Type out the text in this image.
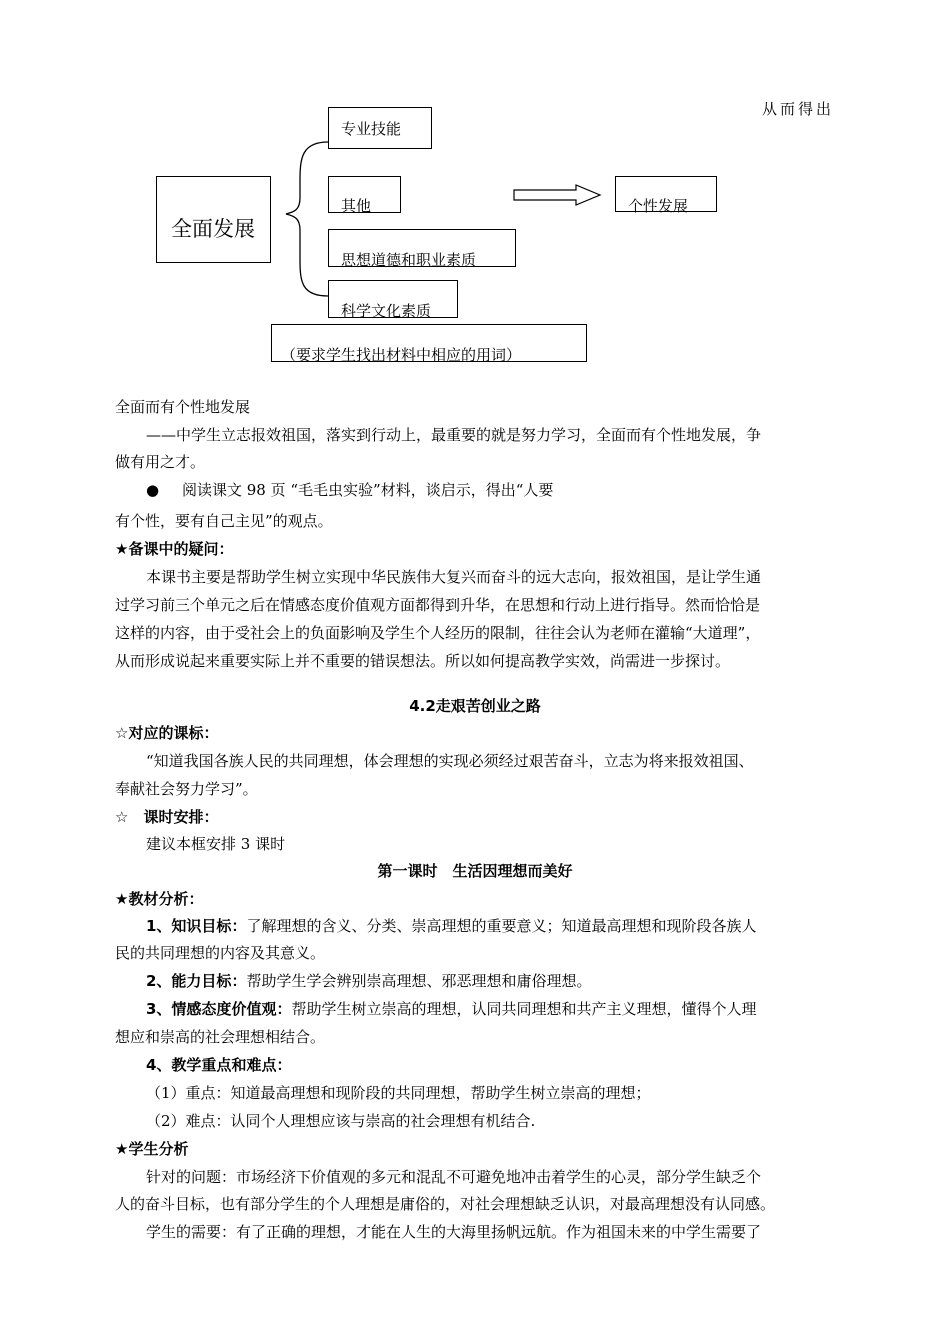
从而得出
全面发展
专业技能
其他
思想道德和职业素质
科学文化素质
个性发展
（要求学生找出材料中相应的用词）
全面而有个性地发展
——中学生立志报效祖国，落实到行动上，最重要的就是努力学习，全面而有个性地发展，争
做有用之才。
● 阅读课文 98 页 “毛毛虫实验”材料，谈启示，得出“人要
有个性，要有自己主见”的观点。
★备课中的疑问：
本课书主要是帮助学生树立实现中华民族伟大复兴而奋斗的远大志向，报效祖国，是让学生通
过学习前三个单元之后在情感态度价值观方面都得到升华，在思想和行动上进行指导。然而恰恰是
这样的内容，由于受社会上的负面影响及学生个人经历的限制，往往会认为老师在灌输“大道理”，
从而形成说起来重要实际上并不重要的错误想法。所以如何提高教学实效，尚需进一步探讨。
4.2走艰苦创业之路
☆对应的课标：
“知道我国各族人民的共同理想，体会理想的实现必须经过艰苦奋斗，立志为将来报效祖国、
奉献社会努力学习”。
☆　课时安排：
建议本框安排 3 课时
第一课时　生活因理想而美好
★教材分析：
1、知识目标：了解理想的含义、分类、崇高理想的重要意义；知道最高理想和现阶段各族人
民的共同理想的内容及其意义。
2、能力目标：帮助学生学会辨别崇高理想、邪恶理想和庸俗理想。
3、情感态度价值观：帮助学生树立崇高的理想，认同共同理想和共产主义理想，懂得个人理
想应和崇高的社会理想相结合。
4、教学重点和难点：
（1）重点：知道最高理想和现阶段的共同理想，帮助学生树立崇高的理想；
（2）难点：认同个人理想应该与崇高的社会理想有机结合.
★学生分析
针对的问题：市场经济下价值观的多元和混乱不可避免地冲击着学生的心灵，部分学生缺乏个
人的奋斗目标，也有部分学生的个人理想是庸俗的，对社会理想缺乏认识，对最高理想没有认同感。
学生的需要：有了正确的理想，才能在人生的大海里扬帆远航。作为祖国未来的中学生需要了
